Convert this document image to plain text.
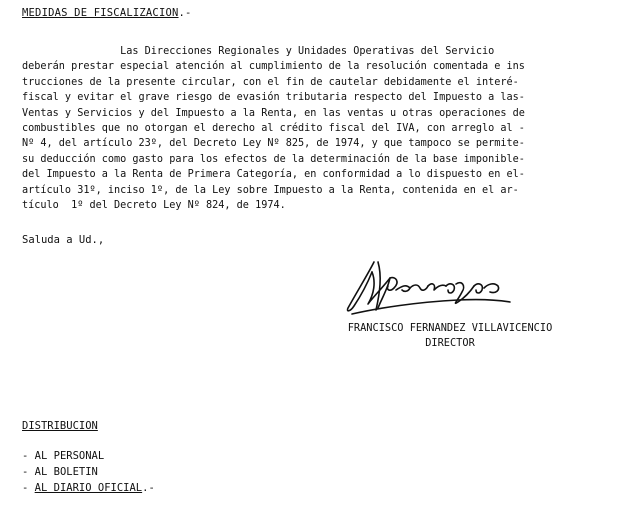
MEDIDAS DE FISCALIZACION.-
Las Direcciones Regionales y Unidades Operativas del Servicio
deberán prestar especial atención al cumplimiento de la resolución comentada e ins
trucciones de la presente circular, con el fin de cautelar debidamente el interé-
fiscal y evitar el grave riesgo de evasión tributaria respecto del Impuesto a las-
Ventas y Servicios y del Impuesto a la Renta, en las ventas u otras operaciones de
combustibles que no otorgan el derecho al crédito fiscal del IVA, con arreglo al -
Nº 4, del artículo 23º, del Decreto Ley Nº 825, de 1974, y que tampoco se permite-
su deducción como gasto para los efectos de la determinación de la base imponible-
del Impuesto a la Renta de Primera Categoría, en conformidad a lo dispuesto en el-
artículo 31º, inciso 1º, de la Ley sobre Impuesto a la Renta, contenida en el ar-
tículo  1º del Decreto Ley Nº 824, de 1974.
Saluda a Ud.,
FRANCISCO FERNANDEZ VILLAVICENCIO
DIRECTOR
DISTRIBUCION
- AL PERSONAL
- AL BOLETIN
- AL DIARIO OFICIAL.-
